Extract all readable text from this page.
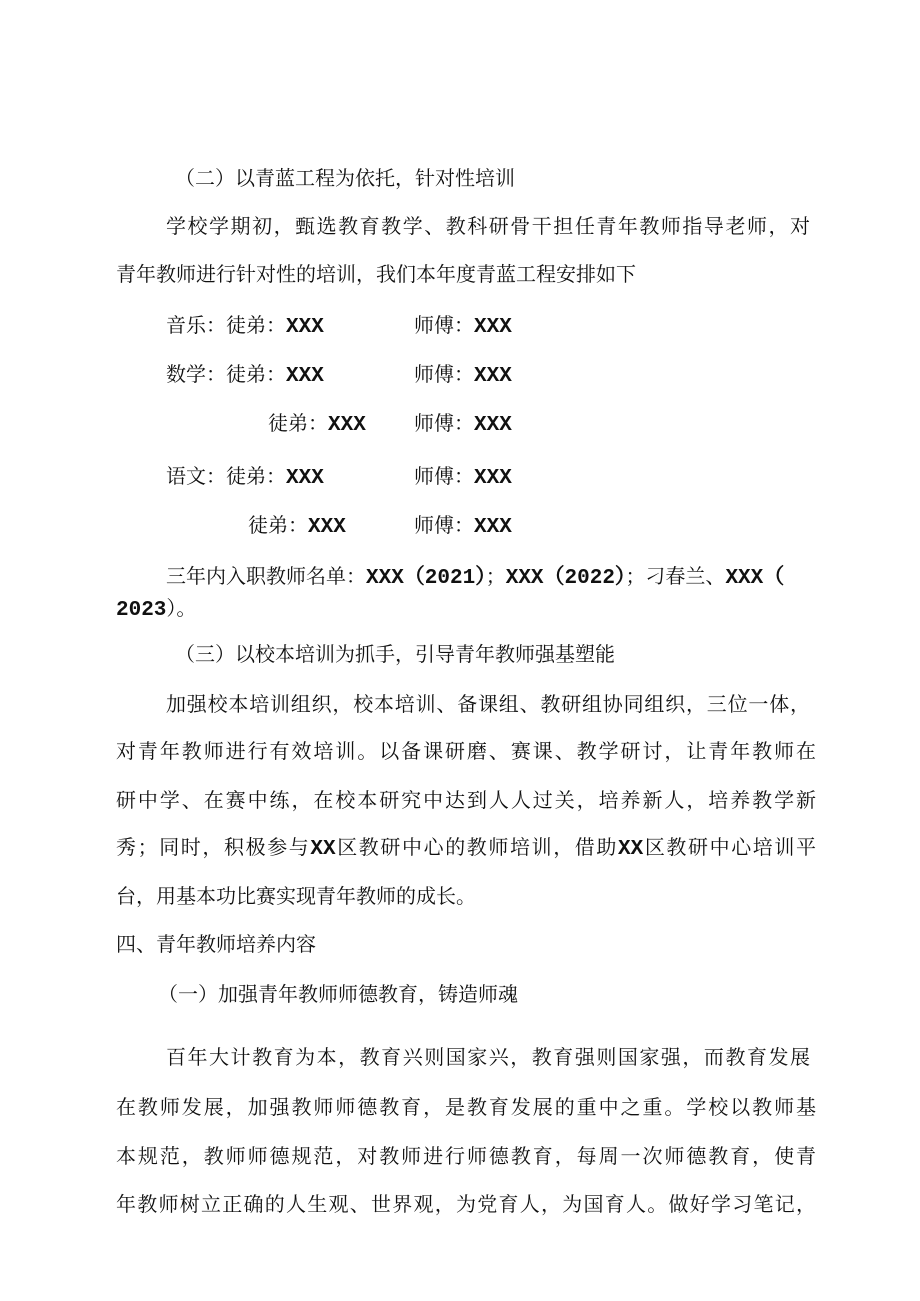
（二）以青蓝工程为依托，针对性培训
学校学期初，甄选教育教学、教科研骨干担任青年教师指导老师，对
青年教师进行针对性的培训，我们本年度青蓝工程安排如下
音乐：徒弟：XXX	师傅：XXX
数学：徒弟：XXX	师傅：XXX
徒弟：XXX 师傅：XXX
语文：徒弟：XXX	师傅：XXX
徒弟：XXX	师傅：XXX
三年内入职教师名单：XXX（2021）；XXX（2022）；刁春兰、XXX（
2023）。
（三）以校本培训为抓手，引导青年教师强基塑能
加强校本培训组织，校本培训、备课组、教研组协同组织，三位一体，
对青年教师进行有效培训。以备课研磨、赛课、教学研讨，让青年教师在
研中学、在赛中练，在校本研究中达到人人过关，培养新人，培养教学新
秀；同时，积极参与XX区教研中心的教师培训，借助XX区教研中心培训平
台，用基本功比赛实现青年教师的成长。
四、青年教师培养内容
（一）加强青年教师师德教育，铸造师魂
百年大计教育为本，教育兴则国家兴，教育强则国家强，而教育发展
在教师发展，加强教师师德教育，是教育发展的重中之重。学校以教师基
本规范，教师师德规范，对教师进行师德教育，每周一次师德教育，使青
年教师树立正确的人生观、世界观，为党育人，为国育人。做好学习笔记，
